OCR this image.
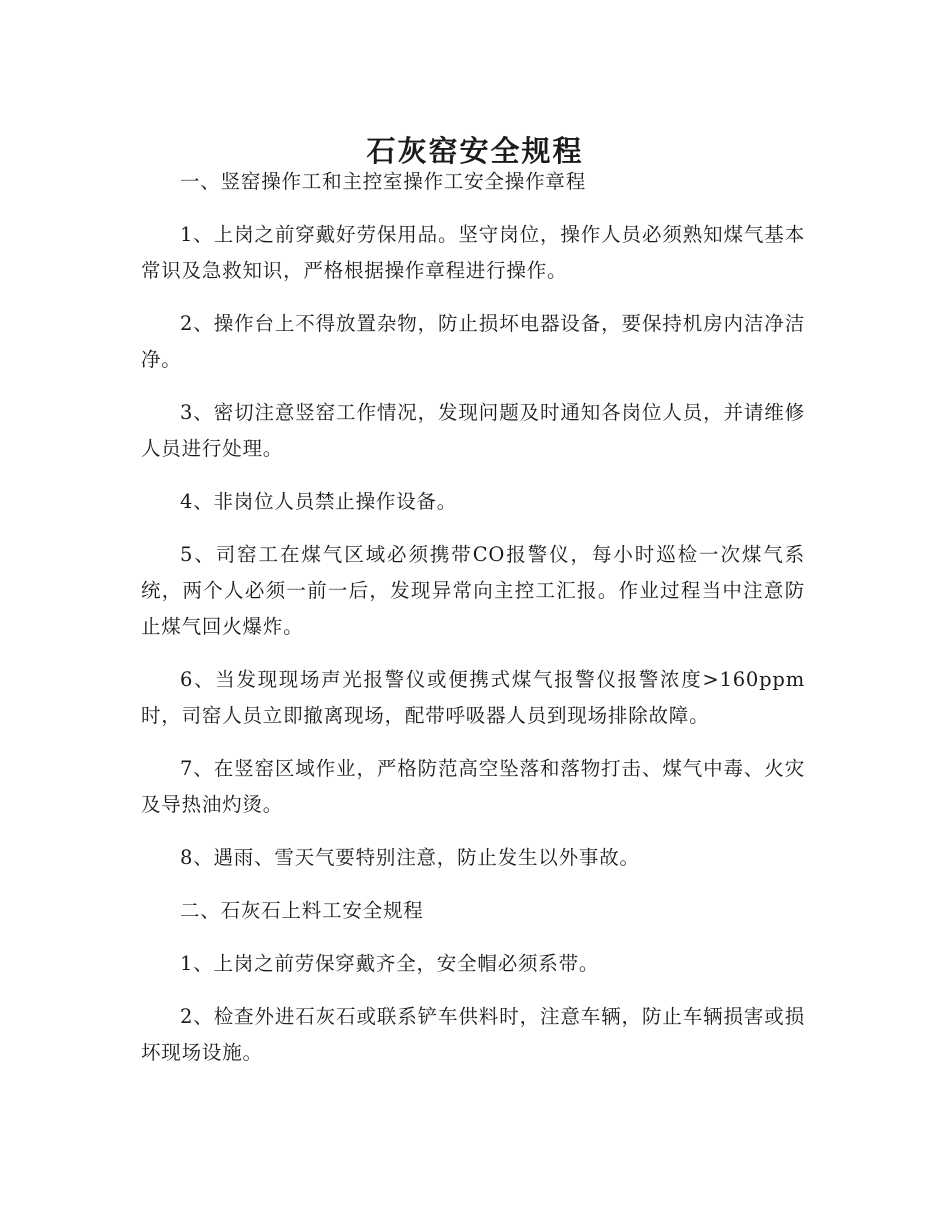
石灰窑安全规程

一、竖窑操作工和主控室操作工安全操作章程

1、上岗之前穿戴好劳保用品。坚守岗位，操作人员必须熟知煤气基本常识及急救知识，严格根据操作章程进行操作。

2、操作台上不得放置杂物，防止损坏电器设备，要保持机房内洁净洁净。

3、密切注意竖窑工作情况，发现问题及时通知各岗位人员，并请维修人员进行处理。

4、非岗位人员禁止操作设备。

5、司窑工在煤气区域必须携带CO报警仪，每小时巡检一次煤气系统，两个人必须一前一后，发现异常向主控工汇报。作业过程当中注意防止煤气回火爆炸。

6、当发现现场声光报警仪或便携式煤气报警仪报警浓度>160ppm时，司窑人员立即撤离现场，配带呼吸器人员到现场排除故障。

7、在竖窑区域作业，严格防范高空坠落和落物打击、煤气中毒、火灾及导热油灼烫。

8、遇雨、雪天气要特别注意，防止发生以外事故。

二、石灰石上料工安全规程

1、上岗之前劳保穿戴齐全，安全帽必须系带。

2、检查外进石灰石或联系铲车供料时，注意车辆，防止车辆损害或损坏现场设施。
